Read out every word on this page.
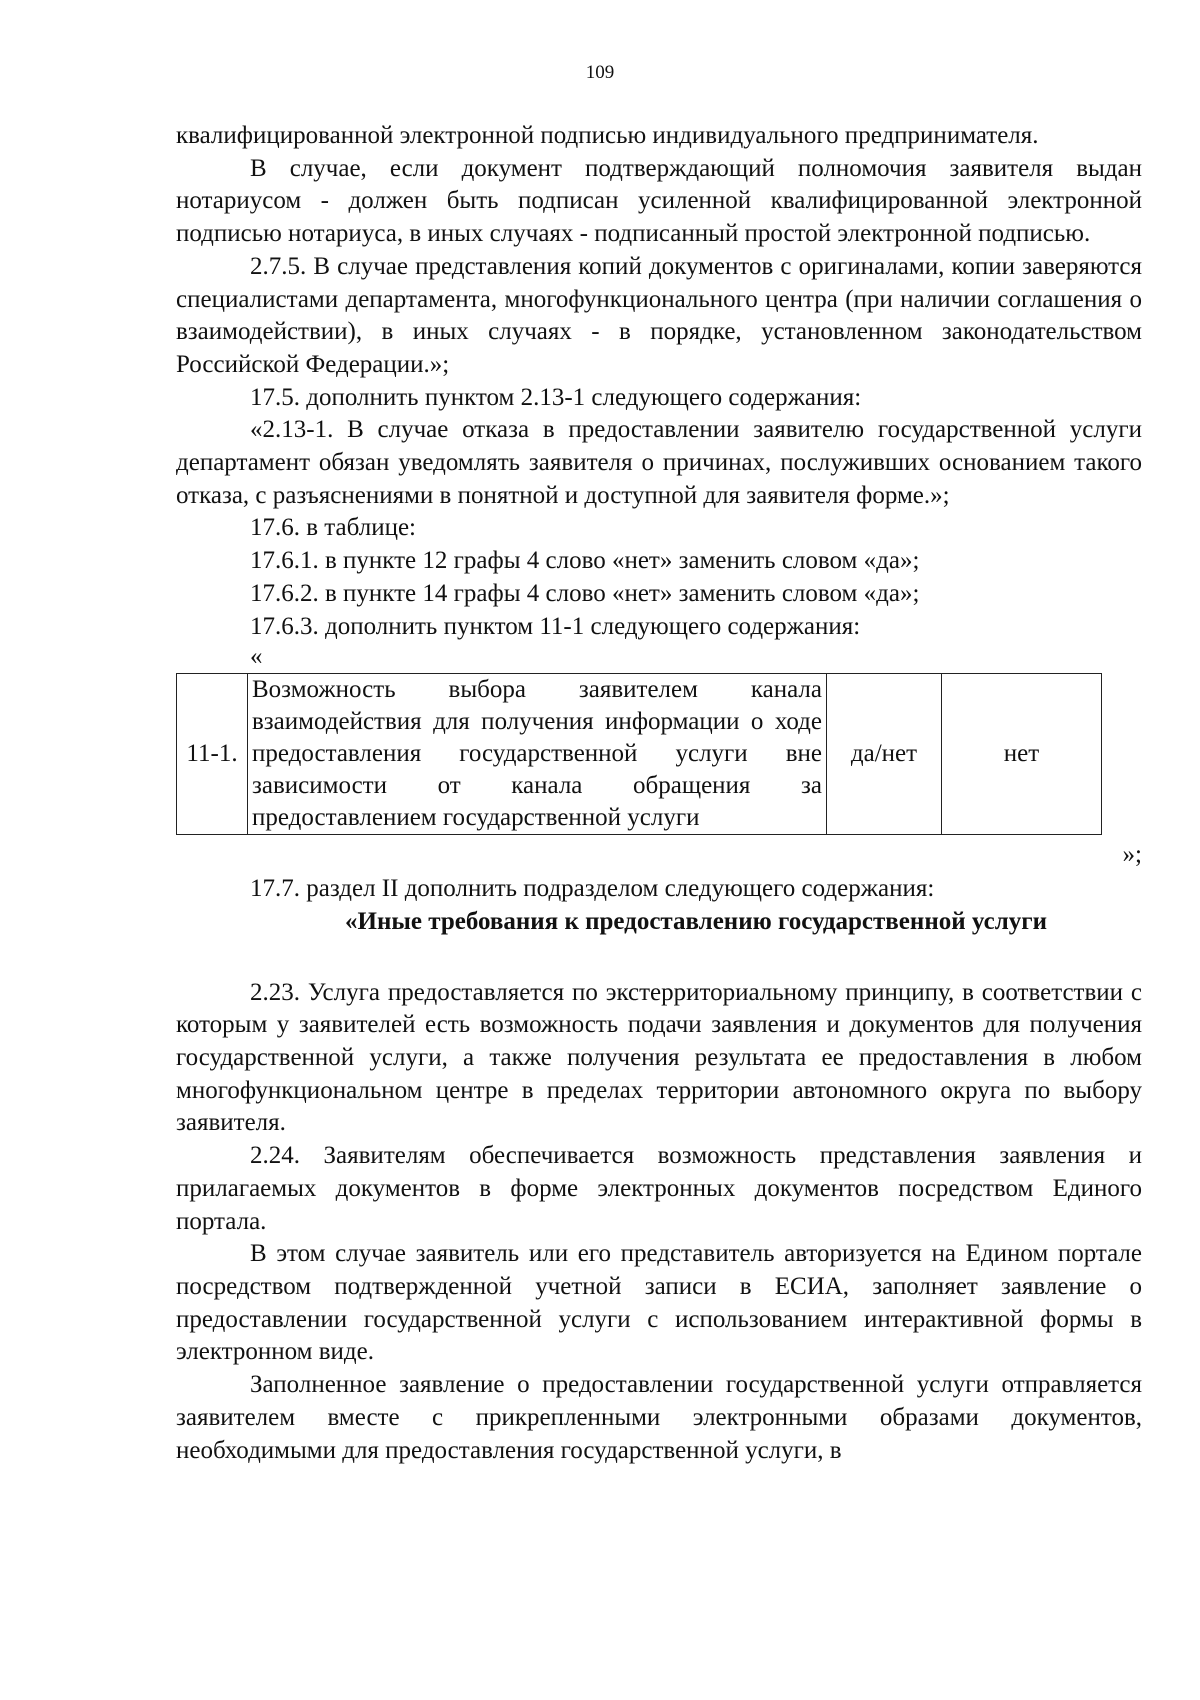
109

квалифицированной электронной подписью индивидуального предпринимателя.

В случае, если документ подтверждающий полномочия заявителя выдан нотариусом - должен быть подписан усиленной квалифицированной электронной подписью нотариуса, в иных случаях - подписанный простой электронной подписью.

2.7.5. В случае представления копий документов с оригиналами, копии заверяются специалистами департамента, многофункционального центра (при наличии соглашения о взаимодействии), в иных случаях - в порядке, установленном законодательством Российской Федерации.»;

17.5. дополнить пунктом 2.13-1 следующего содержания:

«2.13-1. В случае отказа в предоставлении заявителю государственной услуги департамент обязан уведомлять заявителя о причинах, послуживших основанием такого отказа, с разъяснениями в понятной и доступной для заявителя форме.»;

17.6. в таблице:

17.6.1. в пункте 12 графы 4 слово «нет» заменить словом «да»;

17.6.2. в пункте 14 графы 4 слово «нет» заменить словом «да»;

17.6.3. дополнить пунктом 11-1 следующего содержания:

«
11-1.	Возможность выбора заявителем канала взаимодействия для получения информации о ходе предоставления государственной услуги вне зависимости от канала обращения за предоставлением государственной услуги	да/нет	нет
»;

17.7. раздел II дополнить подразделом следующего содержания:

«Иные требования к предоставлению государственной услуги

2.23. Услуга предоставляется по экстерриториальному принципу, в соответствии с которым у заявителей есть возможность подачи заявления и документов для получения государственной услуги, а также получения результата ее предоставления в любом многофункциональном центре в пределах территории автономного округа по выбору заявителя.

2.24. Заявителям обеспечивается возможность представления заявления и прилагаемых документов в форме электронных документов посредством Единого портала.

В этом случае заявитель или его представитель авторизуется на Едином портале посредством подтвержденной учетной записи в ЕСИА, заполняет заявление о предоставлении государственной услуги с использованием интерактивной формы в электронном виде.

Заполненное заявление о предоставлении государственной услуги отправляется заявителем вместе с прикрепленными электронными образами документов, необходимыми для предоставления государственной услуги, в
